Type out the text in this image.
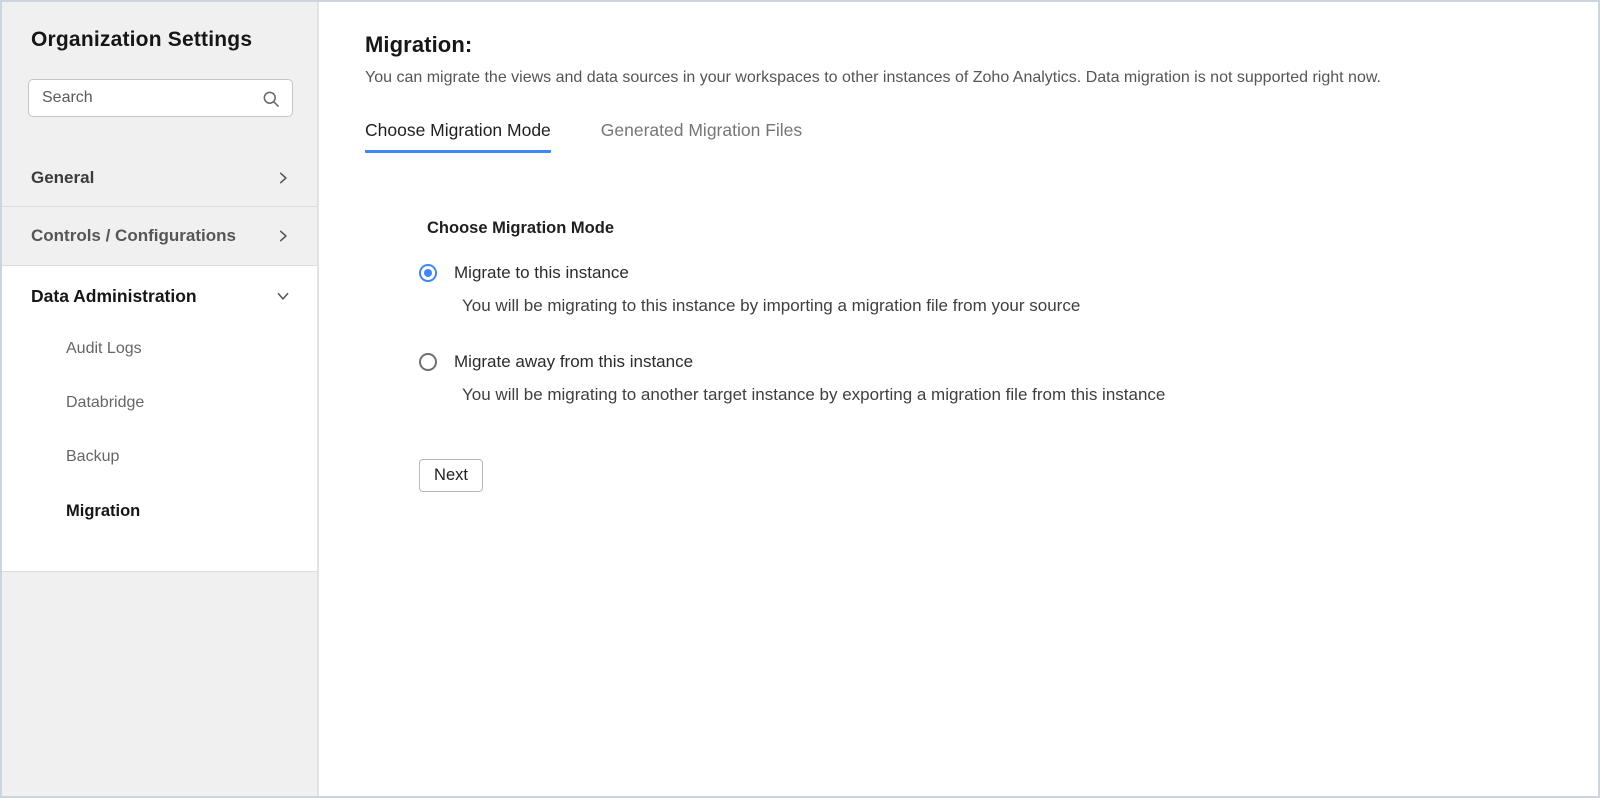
Organization Settings
Search
General
Controls / Configurations
Data Administration
Audit Logs
Databridge
Backup
Migration
Migration:

You can migrate the views and data sources in your workspaces to other instances of Zoho Analytics. Data migration is not supported right now.

Choose Migration Mode	Generated Migration Files
Choose Migration Mode
Migrate to this instance
You will be migrating to this instance by importing a migration file from your source
Migrate away from this instance
You will be migrating to another target instance by exporting a migration file from this instance
Next
